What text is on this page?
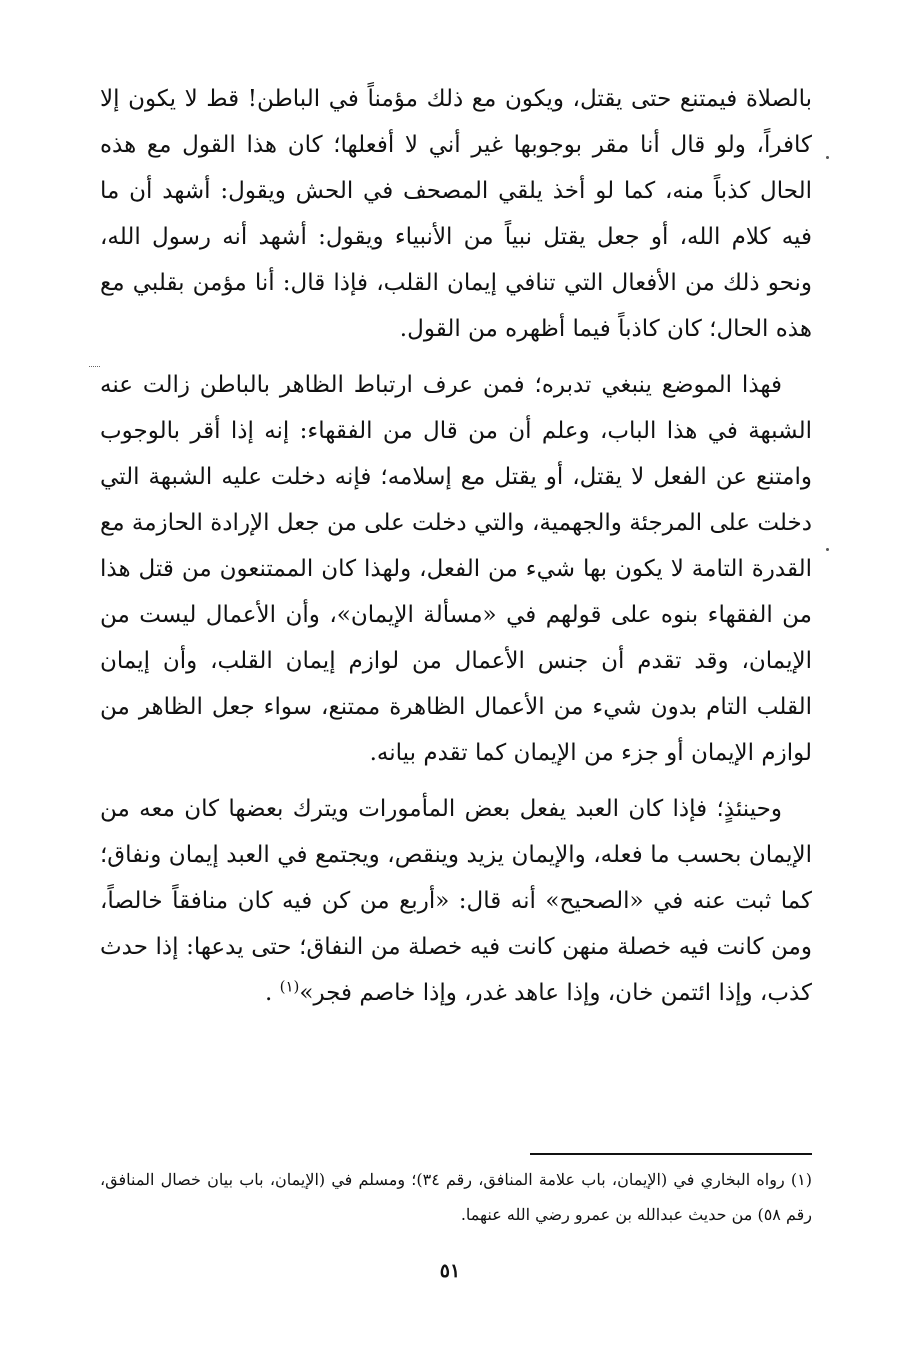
بالصلاة فيمتنع حتى يقتل، ويكون مع ذلك مؤمناً في الباطن! قط لا يكون إلا كافراً، ولو قال أنا مقر بوجوبها غير أني لا أفعلها؛ كان هذا القول مع هذه الحال كذباً منه، كما لو أخذ يلقي المصحف في الحش ويقول: أشهد أن ما فيه كلام الله، أو جعل يقتل نبياً من الأنبياء ويقول: أشهد أنه رسول الله، ونحو ذلك من الأفعال التي تنافي إيمان القلب، فإذا قال: أنا مؤمن بقلبي مع هذه الحال؛ كان كاذباً فيما أظهره من القول.

فهذا الموضع ينبغي تدبره؛ فمن عرف ارتباط الظاهر بالباطن زالت عنه الشبهة في هذا الباب، وعلم أن من قال من الفقهاء: إنه إذا أقر بالوجوب وامتنع عن الفعل لا يقتل، أو يقتل مع إسلامه؛ فإنه دخلت عليه الشبهة التي دخلت على المرجئة والجهمية، والتي دخلت على من جعل الإرادة الحازمة مع القدرة التامة لا يكون بها شيء من الفعل، ولهذا كان الممتنعون من قتل هذا من الفقهاء بنوه على قولهم في «مسألة الإيمان»، وأن الأعمال ليست من الإيمان، وقد تقدم أن جنس الأعمال من لوازم إيمان القلب، وأن إيمان القلب التام بدون شيء من الأعمال الظاهرة ممتنع، سواء جعل الظاهر من لوازم الإيمان أو جزء من الإيمان كما تقدم بيانه.

وحينئذٍ؛ فإذا كان العبد يفعل بعض المأمورات ويترك بعضها كان معه من الإيمان بحسب ما فعله، والإيمان يزيد وينقص، ويجتمع في العبد إيمان ونفاق؛ كما ثبت عنه في «الصحيح» أنه قال: «أربع من كن فيه كان منافقاً خالصاً، ومن كانت فيه خصلة منهن كانت فيه خصلة من النفاق؛ حتى يدعها: إذا حدث كذب، وإذا ائتمن خان، وإذا عاهد غدر، وإذا خاصم فجر»$^{(١)}$ .

(١) رواه البخاري في (الإيمان، باب علامة المنافق، رقم ٣٤)؛ ومسلم في (الإيمان، باب بيان خصال المنافق، رقم ٥٨) من حديث عبدالله بن عمرو رضي الله عنهما.
٥١
